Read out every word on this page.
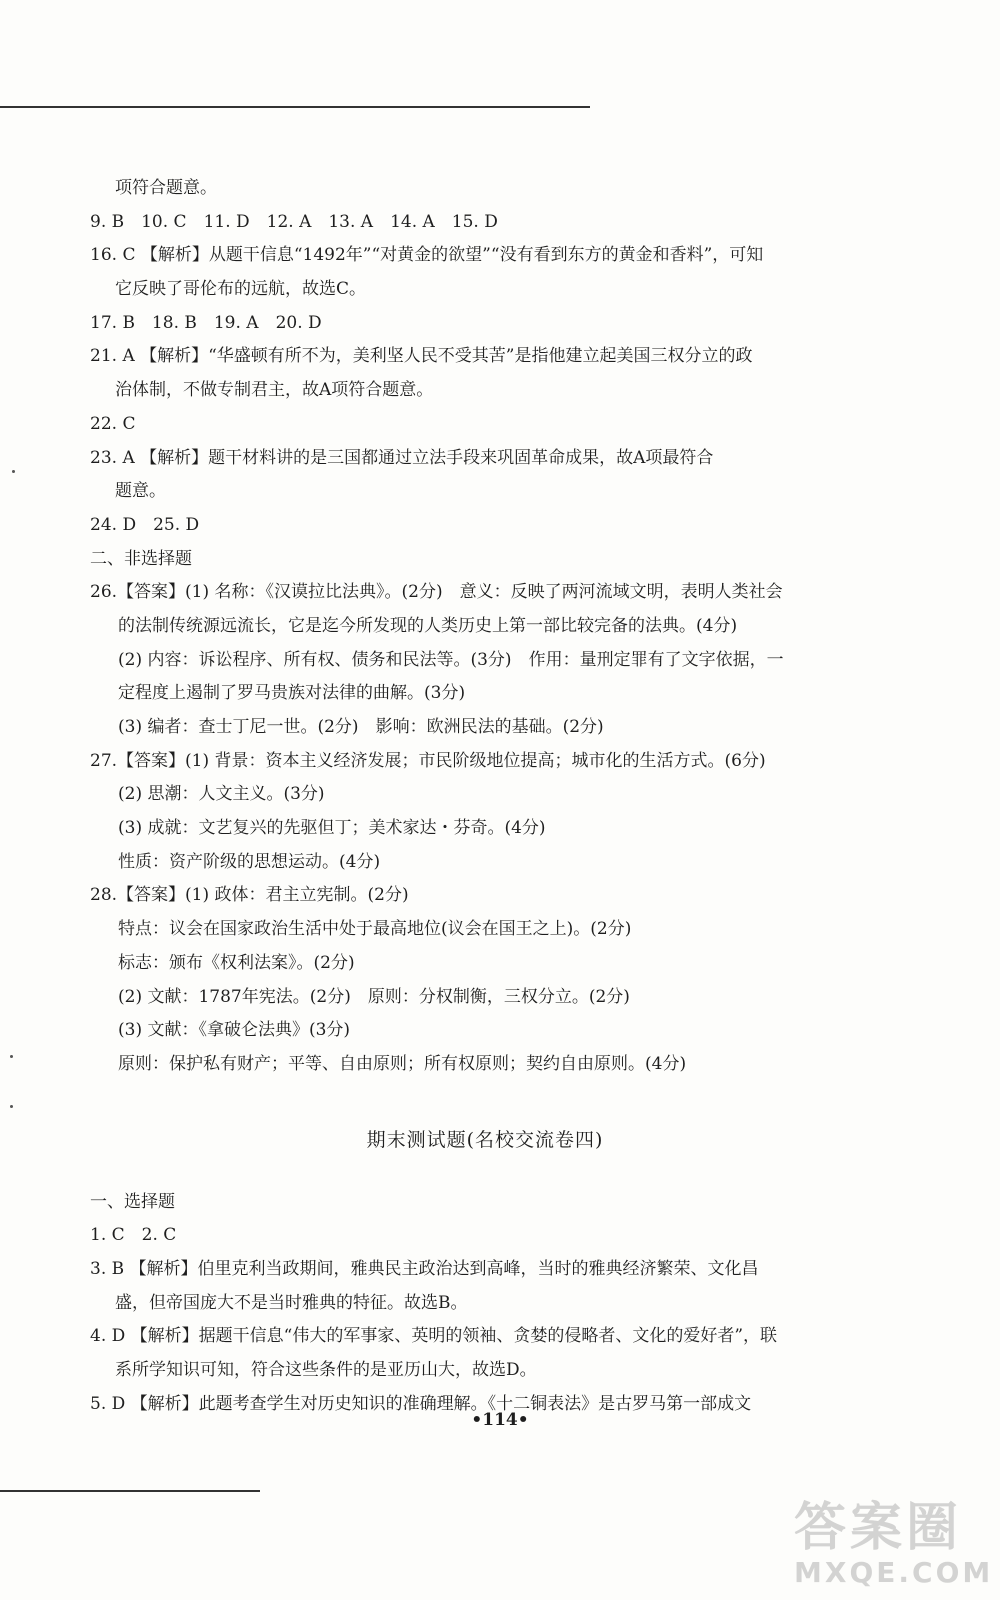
项符合题意。
9. B　10. C　11. D　12. A　13. A　14. A　15. D
16. C 【解析】从题干信息“1492年”“对黄金的欲望”“没有看到东方的黄金和香料”，可知
它反映了哥伦布的远航，故选C。
17. B　18. B　19. A　20. D
21. A 【解析】“华盛顿有所不为，美利坚人民不受其苦”是指他建立起美国三权分立的政
治体制，不做专制君主，故A项符合题意。
22. C
23. A 【解析】题干材料讲的是三国都通过立法手段来巩固革命成果，故A项最符合
题意。
24. D　25. D
二、非选择题
26.【答案】(1) 名称：《汉谟拉比法典》。(2分)　意义：反映了两河流域文明，表明人类社会
的法制传统源远流长，它是迄今所发现的人类历史上第一部比较完备的法典。(4分)
(2) 内容：诉讼程序、所有权、债务和民法等。(3分)　作用：量刑定罪有了文字依据，一
定程度上遏制了罗马贵族对法律的曲解。(3分)
(3) 编者：查士丁尼一世。(2分)　影响：欧洲民法的基础。(2分)
27.【答案】(1) 背景：资本主义经济发展；市民阶级地位提高；城市化的生活方式。(6分)
(2) 思潮：人文主义。(3分)
(3) 成就：文艺复兴的先驱但丁；美术家达・芬奇。(4分)
性质：资产阶级的思想运动。(4分)
28.【答案】(1) 政体：君主立宪制。(2分)
特点：议会在国家政治生活中处于最高地位(议会在国王之上)。(2分)
标志：颁布《权利法案》。(2分)
(2) 文献：1787年宪法。(2分)　原则：分权制衡，三权分立。(2分)
(3) 文献：《拿破仑法典》(3分)
原则：保护私有财产；平等、自由原则；所有权原则；契约自由原则。(4分)
期末测试题(名校交流卷四)
一、选择题
1. C　2. C
3. B 【解析】伯里克利当政期间，雅典民主政治达到高峰，当时的雅典经济繁荣、文化昌
盛，但帝国庞大不是当时雅典的特征。故选B。
4. D 【解析】据题干信息“伟大的军事家、英明的领袖、贪婪的侵略者、文化的爱好者”，联
系所学知识可知，符合这些条件的是亚历山大，故选D。
5. D 【解析】此题考查学生对历史知识的准确理解。《十二铜表法》是古罗马第一部成文
•114•
答案圈
MXQE.COM
